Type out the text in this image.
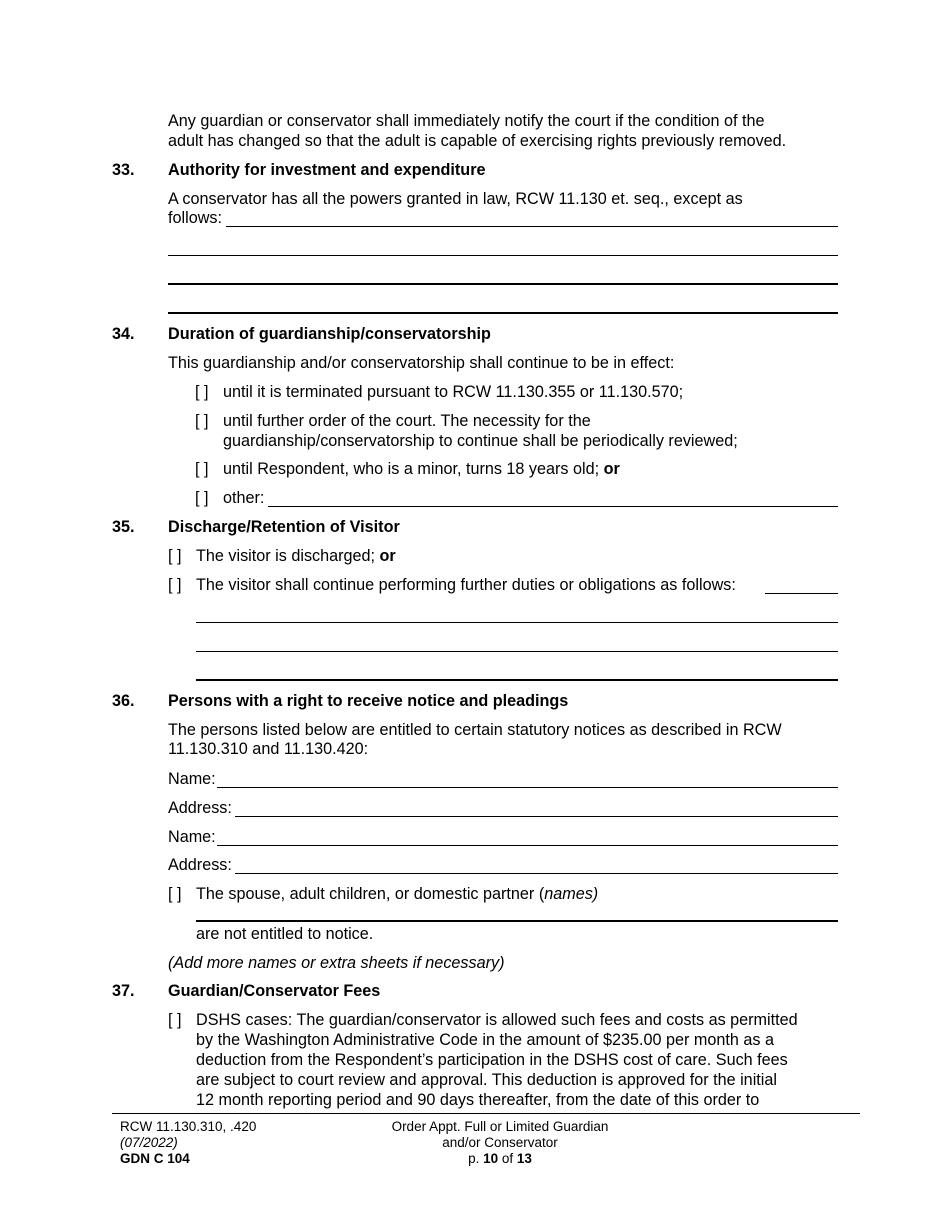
Any guardian or conservator shall immediately notify the court if the condition of the
adult has changed so that the adult is capable of exercising rights previously removed.
33. Authority for investment and expenditure
A conservator has all the powers granted in law, RCW 11.130 et. seq., except as
follows:
34. Duration of guardianship/conservatorship
This guardianship and/or conservatorship shall continue to be in effect:
[ ] until it is terminated pursuant to RCW 11.130.355 or 11.130.570;
[ ] until further order of the court. The necessity for the
guardianship/conservatorship to continue shall be periodically reviewed;
[ ] until Respondent, who is a minor, turns 18 years old; or
[ ] other:
35. Discharge/Retention of Visitor
[ ] The visitor is discharged; or
[ ] The visitor shall continue performing further duties or obligations as follows:
36. Persons with a right to receive notice and pleadings
The persons listed below are entitled to certain statutory notices as described in RCW
11.130.310 and 11.130.420:
Name:
Address:
Name:
Address:
[ ] The spouse, adult children, or domestic partner (names)
are not entitled to notice.
(Add more names or extra sheets if necessary)
37. Guardian/Conservator Fees
[ ] DSHS cases: The guardian/conservator is allowed such fees and costs as permitted
by the Washington Administrative Code in the amount of $235.00 per month as a
deduction from the Respondent’s participation in the DSHS cost of care. Such fees
are subject to court review and approval. This deduction is approved for the initial
12 month reporting period and 90 days thereafter, from the date of this order to
RCW 11.130.310, .420
(07/2022)
GDN C 104
Order Appt. Full or Limited Guardian
and/or Conservator
p. 10 of 13
